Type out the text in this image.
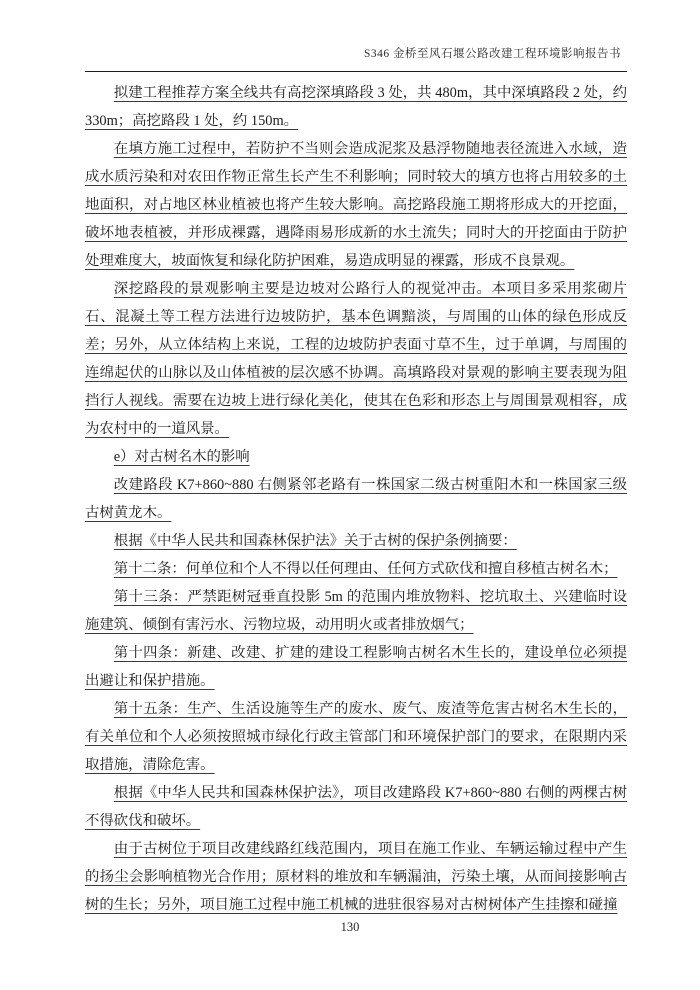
S346 金桥至风石堰公路改建工程环境影响报告书

拟建工程推荐方案全线共有高挖深填路段 3 处，共 480m，其中深填路段 2 处，约 330m；高挖路段 1 处，约 150m。

在填方施工过程中，若防护不当则会造成泥浆及悬浮物随地表径流进入水域，造成水质污染和对农田作物正常生长产生不利影响；同时较大的填方也将占用较多的土地面积，对占地区林业植被也将产生较大影响。高挖路段施工期将形成大的开挖面，破坏地表植被，并形成裸露，遇降雨易形成新的水土流失；同时大的开挖面由于防护处理难度大，坡面恢复和绿化防护困难，易造成明显的裸露，形成不良景观。

深挖路段的景观影响主要是边坡对公路行人的视觉冲击。本项目多采用浆砌片石、混凝土等工程方法进行边坡防护，基本色调黯淡，与周围的山体的绿色形成反差；另外，从立体结构上来说，工程的边坡防护表面寸草不生，过于单调，与周围的连绵起伏的山脉以及山体植被的层次感不协调。高填路段对景观的影响主要表现为阻挡行人视线。需要在边坡上进行绿化美化，使其在色彩和形态上与周围景观相容，成为农村中的一道风景。

e）对古树名木的影响

改建路段 K7+860~880 右侧紧邻老路有一株国家二级古树重阳木和一株国家三级古树黄龙木。

根据《中华人民共和国森林保护法》关于古树的保护条例摘要：

第十二条：何单位和个人不得以任何理由、任何方式砍伐和擅自移植古树名木；

第十三条：严禁距树冠垂直投影 5m 的范围内堆放物料、挖坑取土、兴建临时设施建筑、倾倒有害污水、污物垃圾，动用明火或者排放烟气；

第十四条：新建、改建、扩建的建设工程影响古树名木生长的，建设单位必须提出避让和保护措施。

第十五条：生产、生活设施等生产的废水、废气、废渣等危害古树名木生长的，有关单位和个人必须按照城市绿化行政主管部门和环境保护部门的要求，在限期内采取措施，清除危害。

根据《中华人民共和国森林保护法》，项目改建路段 K7+860~880 右侧的两棵古树不得砍伐和破坏。

由于古树位于项目改建线路红线范围内，项目在施工作业、车辆运输过程中产生的扬尘会影响植物光合作用；原材料的堆放和车辆漏油，污染土壤，从而间接影响古树的生长；另外，项目施工过程中施工机械的进驻很容易对古树树体产生挂擦和碰撞

130
